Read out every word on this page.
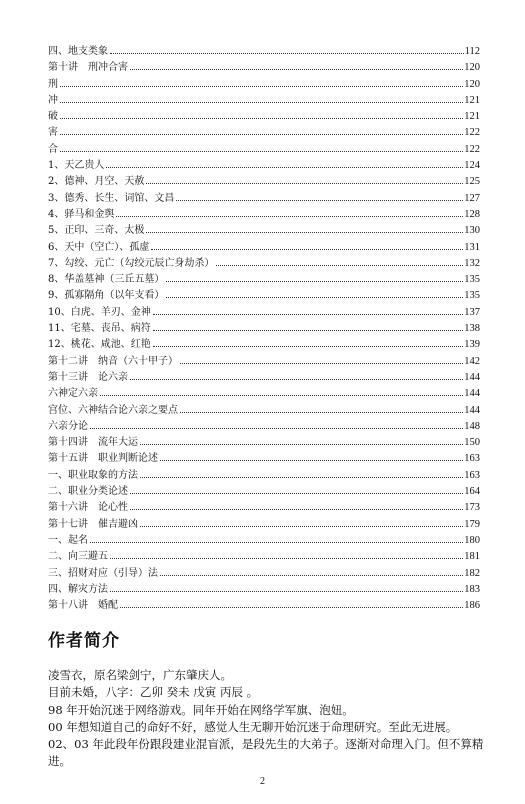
四、地支类象	112
第十讲　刑冲合害	120
刑	120
冲	121
破	121
害	122
合	122
1、天乙贵人	124
2、德神、月空、天赦	125
3、德秀、长生、词馆、文昌	127
4、驿马和金舆	128
5、正印、三奇、太极	130
6、天中（空亡）、孤虚	131
7、勾绞、元亡（勾绞元辰亡身劫杀）	132
8、华盖墓神（三丘五墓）	135
9、孤寡隔角（以年支看）	135
10、白虎、羊刃、金神	137
11、宅墓、丧吊、病符	138
12、桃花、咸池、红艳	139
第十二讲　纳音（六十甲子）	142
第十三讲　论六亲	144
六神定六亲	144
宫位、六神结合论六亲之要点	144
六亲分论	148
第十四讲　流年大运	150
第十五讲　职业判断论述	163
一、职业取象的方法	163
二、职业分类论述	164
第十六讲　论心性	173
第十七讲　催吉避凶	179
一、起名	180
二、向三避五	181
三、招财对应（引导）法	182
四、解灾方法	183
第十八讲　婚配	186
作者简介

凌雪衣，原名梁剑宁，广东肇庆人。

目前未婚，八字：乙卯 癸未 戊寅 丙辰 。

98 年开始沉迷于网络游戏。同年开始在网络学军旗、泡妞。

00 年想知道自己的命好不好，感觉人生无聊开始沉迷于命理研究。至此无进展。

02、03 年此段年份跟段建业混盲派，是段先生的大弟子。逐渐对命理入门。但不算精进。

2
